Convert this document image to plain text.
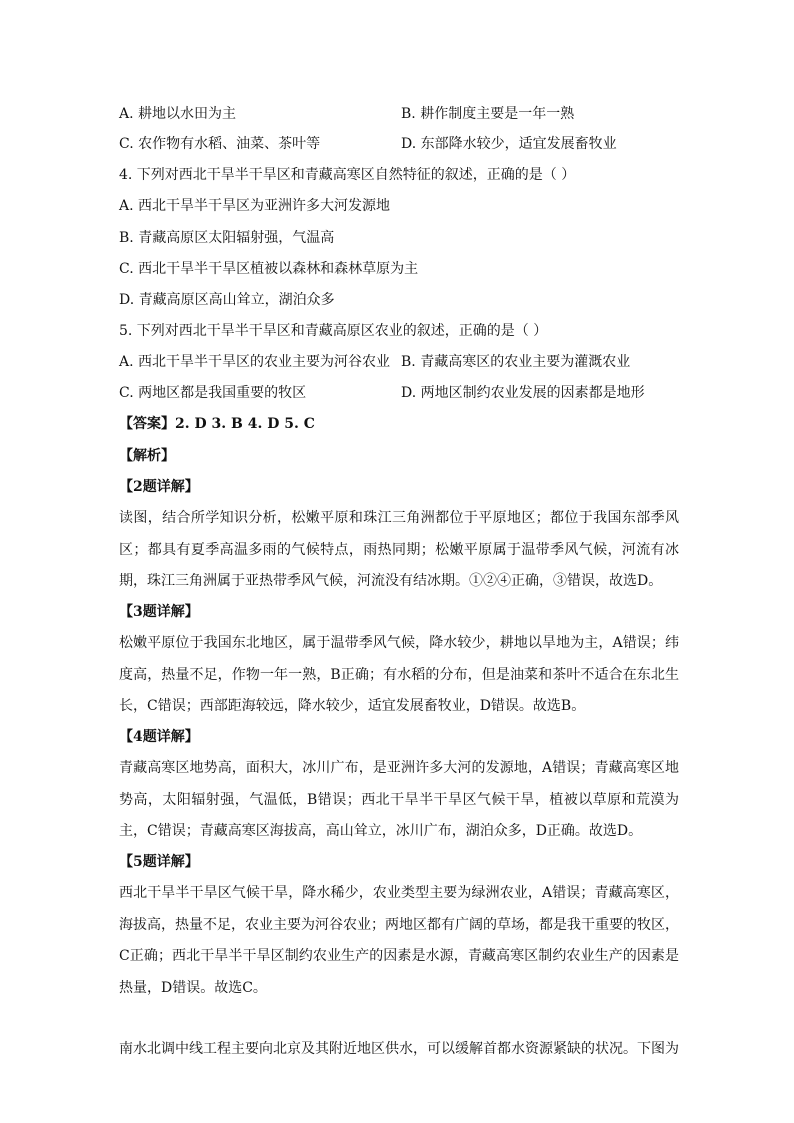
A. 耕地以水田为主	B. 耕作制度主要是一年一熟
C. 农作物有水稻、油菜、茶叶等	D. 东部降水较少，适宜发展畜牧业
4. 下列对西北干旱半干旱区和青藏高寒区自然特征的叙述，正确的是（ ）
A. 西北干旱半干旱区为亚洲许多大河发源地
B. 青藏高原区太阳辐射强，气温高
C. 西北干旱半干旱区植被以森林和森林草原为主
D. 青藏高原区高山耸立，湖泊众多
5. 下列对西北干旱半干旱区和青藏高原区农业的叙述，正确的是（ ）
A. 西北干旱半干旱区的农业主要为河谷农业 B. 青藏高寒区的农业主要为灌溉农业
C. 两地区都是我国重要的牧区	D. 两地区制约农业发展的因素都是地形
【答案】2. D 3. B 4. D 5. C
【解析】
【2题详解】
读图，结合所学知识分析，松嫩平原和珠江三角洲都位于平原地区；都位于我国东部季风区；都具有夏季高温多雨的气候特点，雨热同期；松嫩平原属于温带季风气候，河流有冰期，珠江三角洲属于亚热带季风气候，河流没有结冰期。①②④正确，③错误，故选D。
【3题详解】
松嫩平原位于我国东北地区，属于温带季风气候，降水较少，耕地以旱地为主，A错误；纬度高，热量不足，作物一年一熟，B正确；有水稻的分布，但是油菜和茶叶不适合在东北生长，C错误；西部距海较远，降水较少，适宜发展畜牧业，D错误。故选B。
【4题详解】
青藏高寒区地势高，面积大，冰川广布，是亚洲许多大河的发源地，A错误；青藏高寒区地势高，太阳辐射强，气温低，B错误；西北干旱半干旱区气候干旱，植被以草原和荒漠为主，C错误；青藏高寒区海拔高，高山耸立，冰川广布，湖泊众多，D正确。故选D。
【5题详解】
西北干旱半干旱区气候干旱，降水稀少，农业类型主要为绿洲农业，A错误；青藏高寒区，海拔高，热量不足，农业主要为河谷农业；两地区都有广阔的草场，都是我干重要的牧区，C正确；西北干旱半干旱区制约农业生产的因素是水源，青藏高寒区制约农业生产的因素是热量，D错误。故选C。
南水北调中线工程主要向北京及其附近地区供水，可以缓解首都水资源紧缺的状况。下图为
